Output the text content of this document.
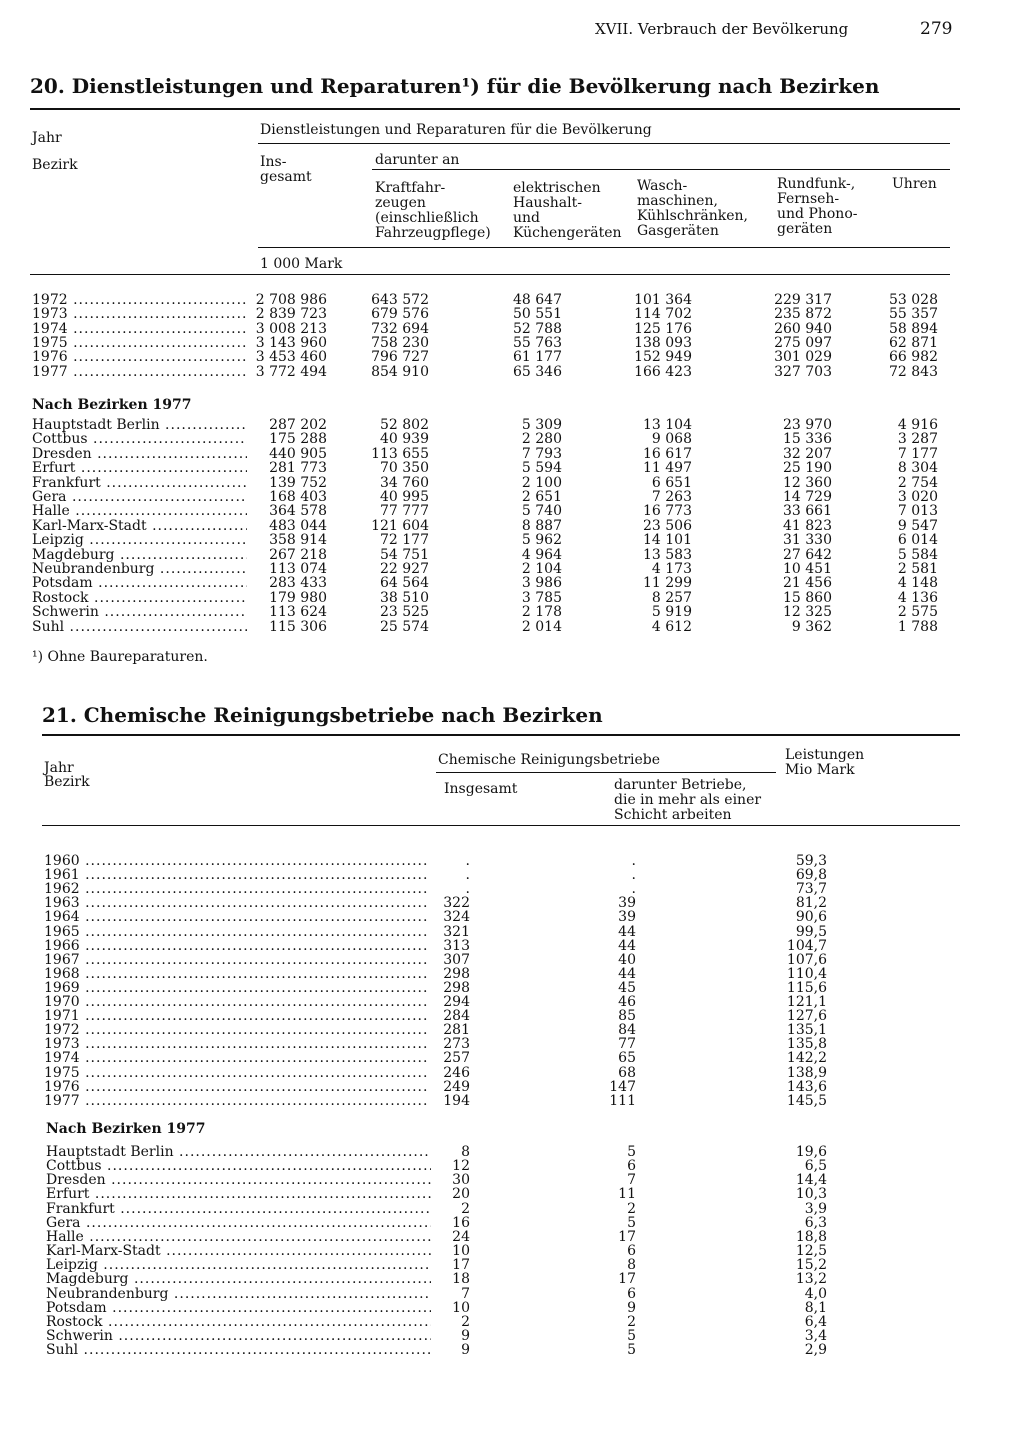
XVII. Verbrauch der Bevölkerung	279
20. Dienstleistungen und Reparaturen¹) für die Bevölkerung nach Bezirken
Jahr
Bezirk
Dienstleistungen und Reparaturen für die Bevölkerung
Ins-
gesamt
darunter an
Kraftfahr-
zeugen
(einschließlich
Fahrzeugpflege)
elektrischen
Haushalt-
und
Küchengeräten
Wasch-
maschinen,
Kühlschränken,
Gasgeräten
Rundfunk-,
Fernseh-
und Phono-
geräten
Uhren
1 000 Mark
1972 .....	2 708 986	643 572	48 647	101 364	229 317	53 028
1973 .....	2 839 723	679 576	50 551	114 702	235 872	55 357
1974 .....	3 008 213	732 694	52 788	125 176	260 940	58 894
1975 .....	3 143 960	758 230	55 763	138 093	275 097	62 871
1976 .....	3 453 460	796 727	61 177	152 949	301 029	66 982
1977 .....	3 772 494	854 910	65 346	166 423	327 703	72 843
Nach Bezirken 1977
Hauptstadt Berlin .....	287 202	52 802	5 309	13 104	23 970	4 916
Cottbus .....	175 288	40 939	2 280	9 068	15 336	3 287
Dresden .....	440 905	113 655	7 793	16 617	32 207	7 177
Erfurt .....	281 773	70 350	5 594	11 497	25 190	8 304
Frankfurt .....	139 752	34 760	2 100	6 651	12 360	2 754
Gera .....	168 403	40 995	2 651	7 263	14 729	3 020
Halle .....	364 578	77 777	5 740	16 773	33 661	7 013
Karl-Marx-Stadt .....	483 044	121 604	8 887	23 506	41 823	9 547
Leipzig .....	358 914	72 177	5 962	14 101	31 330	6 014
Magdeburg .....	267 218	54 751	4 964	13 583	27 642	5 584
Neubrandenburg .....	113 074	22 927	2 104	4 173	10 451	2 581
Potsdam .....	283 433	64 564	3 986	11 299	21 456	4 148
Rostock .....	179 980	38 510	3 785	8 257	15 860	4 136
Schwerin .....	113 624	23 525	2 178	5 919	12 325	2 575
Suhl .....	115 306	25 574	2 014	4 612	9 362	1 788
¹) Ohne Baureparaturen.
21. Chemische Reinigungsbetriebe nach Bezirken
Jahr
Bezirk
Chemische Reinigungsbetriebe	Leistungen
Mio Mark
Insgesamt	darunter Betriebe,
die in mehr als einer
Schicht arbeiten
1960 .....	.	.	59,3
1961 .....	.	.	69,8
1962 .....	.	.	73,7
1963 .....	322	39	81,2
1964 .....	324	39	90,6
1965 .....	321	44	99,5
1966 .....	313	44	104,7
1967 .....	307	40	107,6
1968 .....	298	44	110,4
1969 .....	298	45	115,6
1970 .....	294	46	121,1
1971 .....	284	85	127,6
1972 .....	281	84	135,1
1973 .....	273	77	135,8
1974 .....	257	65	142,2
1975 .....	246	68	138,9
1976 .....	249	147	143,6
1977 .....	194	111	145,5
Nach Bezirken 1977
Hauptstadt Berlin .....	8	5	19,6
Cottbus .....	12	6	6,5
Dresden .....	30	7	14,4
Erfurt .....	20	11	10,3
Frankfurt .....	2	2	3,9
Gera .....	16	5	6,3
Halle .....	24	17	18,8
Karl-Marx-Stadt .....	10	6	12,5
Leipzig .....	17	8	15,2
Magdeburg .....	18	17	13,2
Neubrandenburg .....	7	6	4,0
Potsdam .....	10	9	8,1
Rostock .....	2	2	6,4
Schwerin .....	9	5	3,4
Suhl .....	9	5	2,9
